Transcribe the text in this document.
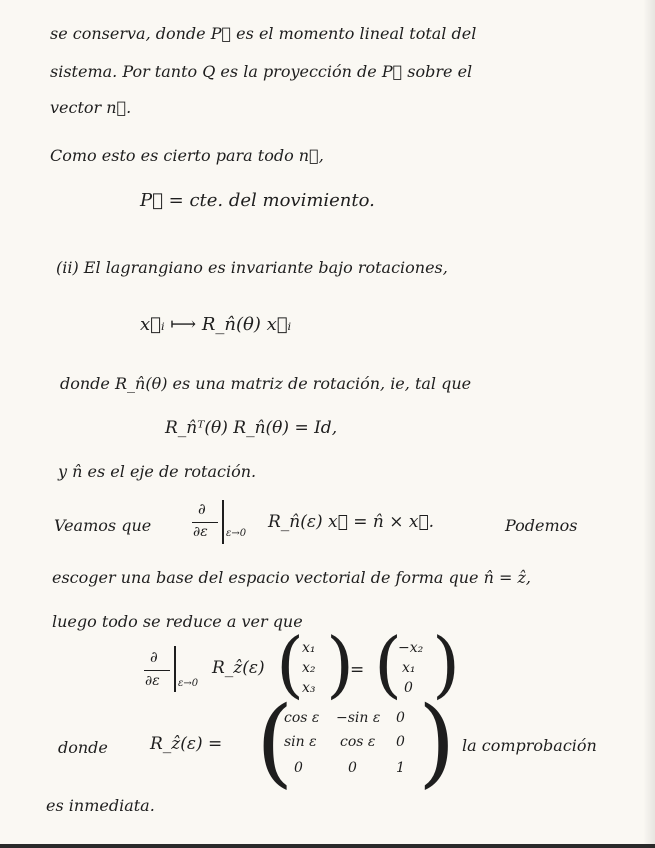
se conserva, donde P⃗ es el momento lineal total del
sistema. Por tanto Q es la proyección de P⃗ sobre el
vector n⃗.
Como esto es cierto para todo n⃗,
P⃗ = cte. del movimiento.
(ii) El lagrangiano es invariante bajo rotaciones,
x⃗ᵢ ⟼ R_n̂(θ) x⃗ᵢ
donde R_n̂(θ) es una matriz de rotación, ie, tal que
R_n̂ᵀ(θ) R_n̂(θ) = Id,
y n̂ es el eje de rotación.
Veamos que
∂
∂ε ε→0
R_n̂(ε) x⃗ = n̂ × x⃗.	Podemos
escoger una base del espacio vectorial de forma que n̂ = ẑ,
luego todo se reduce a ver que
∂
∂ε ε→0
R_ẑ(ε) (
x₁
x₂
x₃ )
= (
−x₂
x₁
0 )
donde R_ẑ(ε) = (
cos ε −sin ε 0
sin ε cos ε 0
0	0	1 ) la comprobación
es inmediata.
